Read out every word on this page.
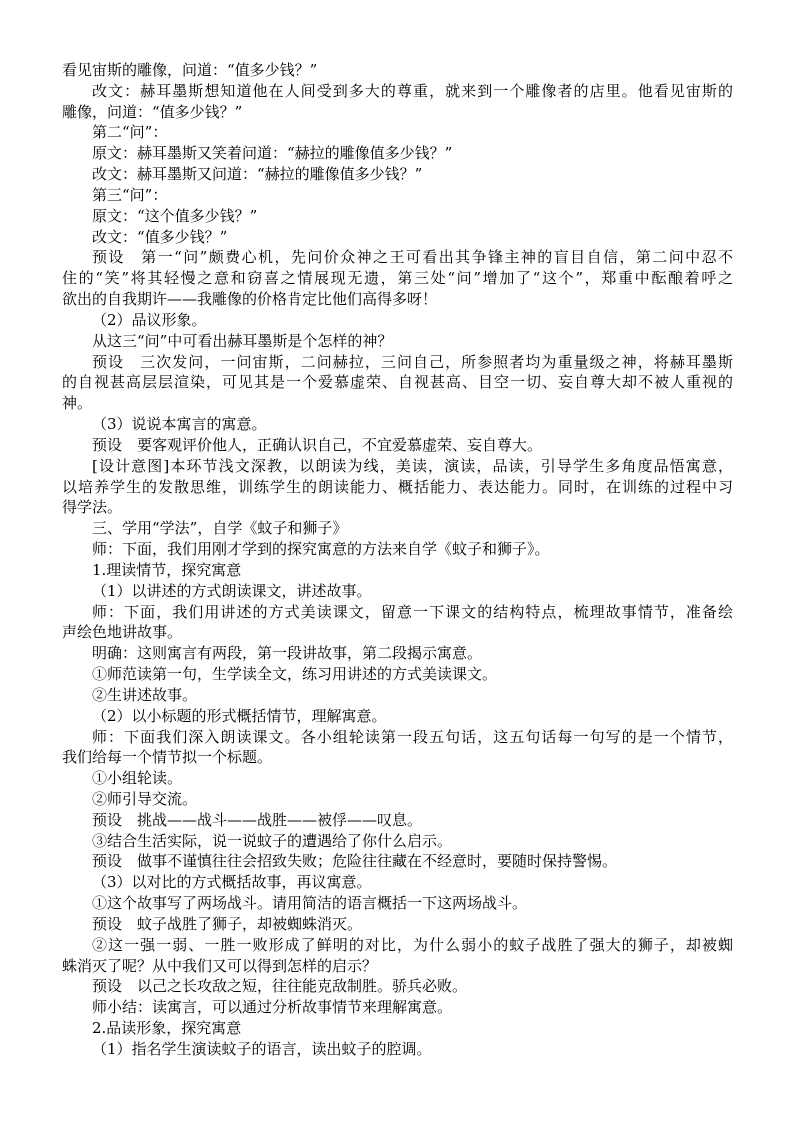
看见宙斯的雕像，问道：“值多少钱？”
改文：赫耳墨斯想知道他在人间受到多大的尊重，就来到一个雕像者的店里。他看见宙斯的
雕像，问道：“值多少钱？”
第二“问”：
原文：赫耳墨斯又笑着问道：“赫拉的雕像值多少钱？”
改文：赫耳墨斯又问道：“赫拉的雕像值多少钱？”
第三“问”：
原文：“这个值多少钱？”
改文：“值多少钱？”
预设　第一“问”颇费心机，先问价众神之王可看出其争锋主神的盲目自信，第二问中忍不
住的“笑”将其轻慢之意和窃喜之情展现无遗，第三处“问”增加了“这个”，郑重中酝酿着呼之
欲出的自我期许——我雕像的价格肯定比他们高得多呀！
（2）品议形象。
从这三“问”中可看出赫耳墨斯是个怎样的神？
预设　三次发问，一问宙斯，二问赫拉，三问自己，所参照者均为重量级之神，将赫耳墨斯
的自视甚高层层渲染，可见其是一个爱慕虚荣、自视甚高、目空一切、妄自尊大却不被人重视的
神。
（3）说说本寓言的寓意。
预设　要客观评价他人，正确认识自己，不宜爱慕虚荣、妄自尊大。
[设计意图]本环节浅文深教，以朗读为线，美读，演读，品读，引导学生多角度品悟寓意，
以培养学生的发散思维，训练学生的朗读能力、概括能力、表达能力。同时，在训练的过程中习
得学法。
三、学用“学法”，自学《蚊子和狮子》
师：下面，我们用刚才学到的探究寓意的方法来自学《蚊子和狮子》。
1.理读情节，探究寓意
（1）以讲述的方式朗读课文，讲述故事。
师：下面，我们用讲述的方式美读课文，留意一下课文的结构特点，梳理故事情节，准备绘
声绘色地讲故事。
明确：这则寓言有两段，第一段讲故事，第二段揭示寓意。
①师范读第一句，生学读全文，练习用讲述的方式美读课文。
②生讲述故事。
（2）以小标题的形式概括情节，理解寓意。
师：下面我们深入朗读课文。各小组轮读第一段五句话，这五句话每一句写的是一个情节，
我们给每一个情节拟一个标题。
①小组轮读。
②师引导交流。
预设　挑战——战斗——战胜——被俘——叹息。
③结合生活实际，说一说蚊子的遭遇给了你什么启示。
预设　做事不谨慎往往会招致失败；危险往往藏在不经意时，要随时保持警惕。
（3）以对比的方式概括故事，再议寓意。
①这个故事写了两场战斗。请用简洁的语言概括一下这两场战斗。
预设　蚊子战胜了狮子，却被蜘蛛消灭。
②这一强一弱、一胜一败形成了鲜明的对比，为什么弱小的蚊子战胜了强大的狮子，却被蜘
蛛消灭了呢？从中我们又可以得到怎样的启示？
预设　以己之长攻敌之短，往往能克敌制胜。骄兵必败。
师小结：读寓言，可以通过分析故事情节来理解寓意。
2.品读形象，探究寓意
（1）指名学生演读蚊子的语言，读出蚊子的腔调。
